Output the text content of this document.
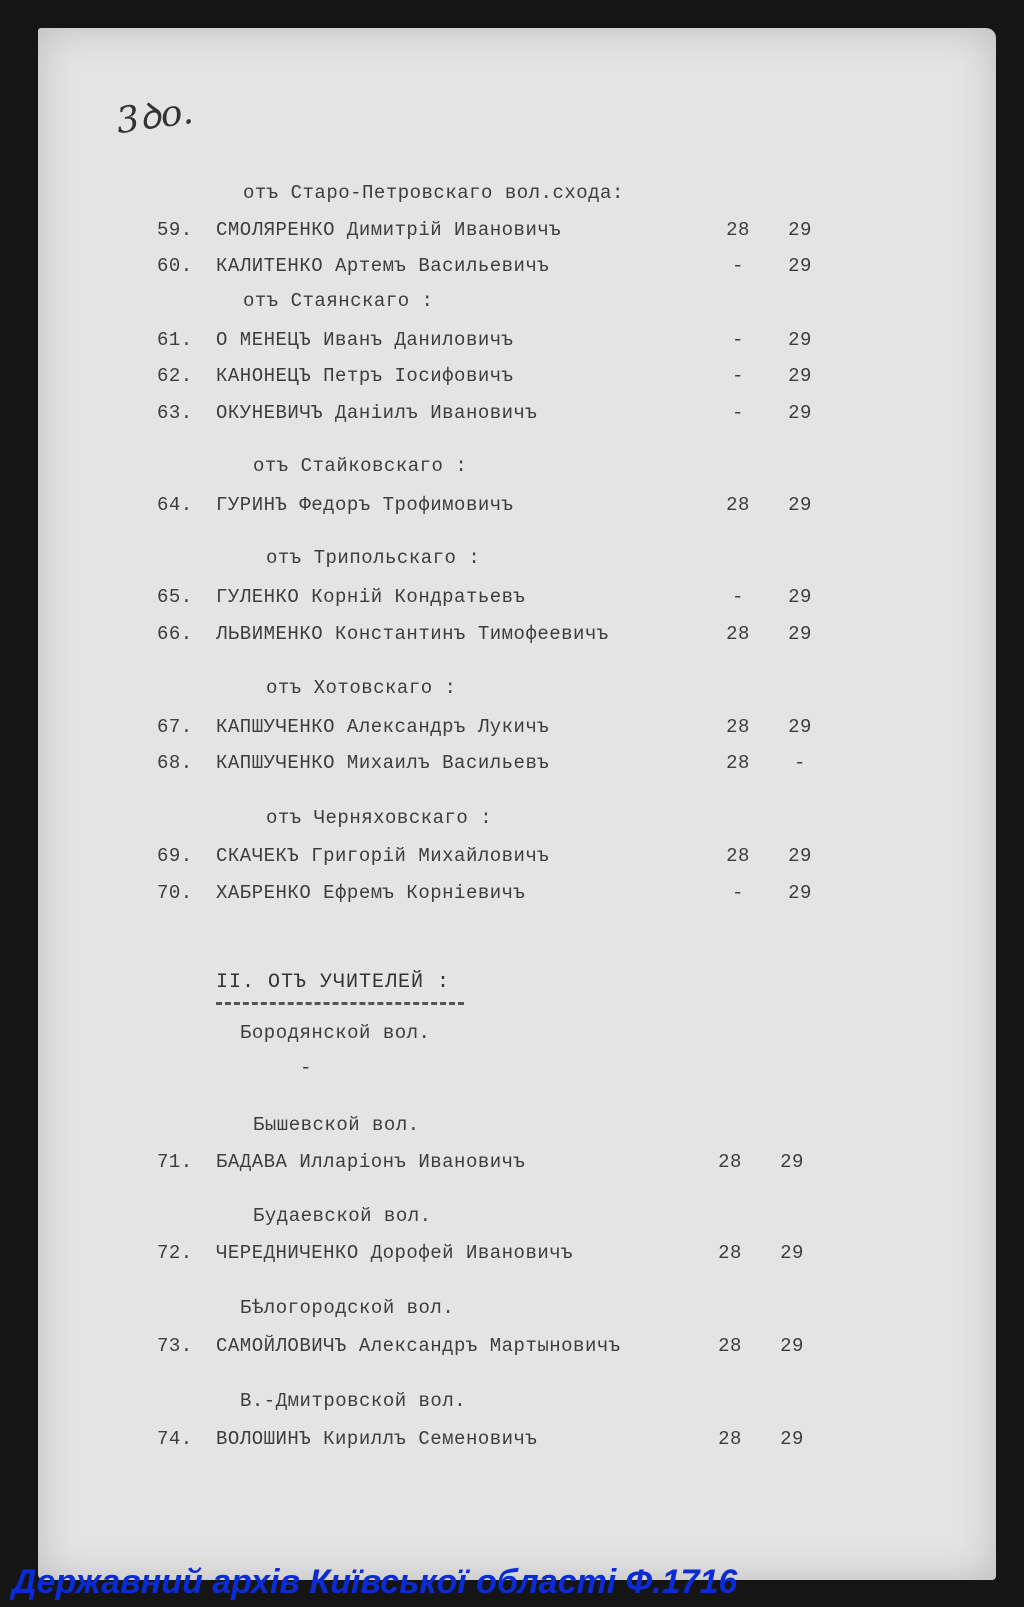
3ꝺo.
отъ Старо-Петровскаго вол.схода:
59.	СМОЛЯРЕНКО Димитрій Ивановичъ	28	29
60.	КАЛИТЕНКО Артемъ Васильевичъ	-	29
отъ Стаянскаго :
61.	О МЕНЕЦЪ Иванъ Даниловичъ	-	29
62.	КАНОНЕЦЪ Петръ Іосифовичъ	-	29
63.	ОКУНЕВИЧЪ Даніилъ Ивановичъ	-	29
отъ Стайковскаго :
64.	ГУРИНЪ Федоръ Трофимовичъ	28	29
отъ Трипольскаго :
65.	ГУЛЕНКО Корній Кондратьевъ	-	29
66.	ЛЬВИМЕНКО Константинъ Тимофеевичъ	28	29
отъ Хотовскаго :
67.	КАПШУЧЕНКО Александръ Лукичъ	28	29
68.	КАПШУЧЕНКО Михаилъ Васильевъ	28	-
отъ Черняховскаго :
69.	СКАЧЕКЪ Григорій Михайловичъ	28	29
70.	ХАБРЕНКО Ефремъ Корніевичъ	-	29
II. ОТЪ УЧИТЕЛЕЙ :
Бородянской вол.
-
Бышевской вол.
71.	БАДАВА Илларіонъ Ивановичъ	28	29
Будаевской вол.
72.	ЧЕРЕДНИЧЕНКО Дорофей Ивановичъ	28	29
Бѣлогородской вол.
73.	САМОЙЛОВИЧЪ Александръ Мартыновичъ	28	29
В.-Дмитровской вол.
74.	ВОЛОШИНЪ Кириллъ Семеновичъ	28	29
Державний архів Київської області Ф.1716
